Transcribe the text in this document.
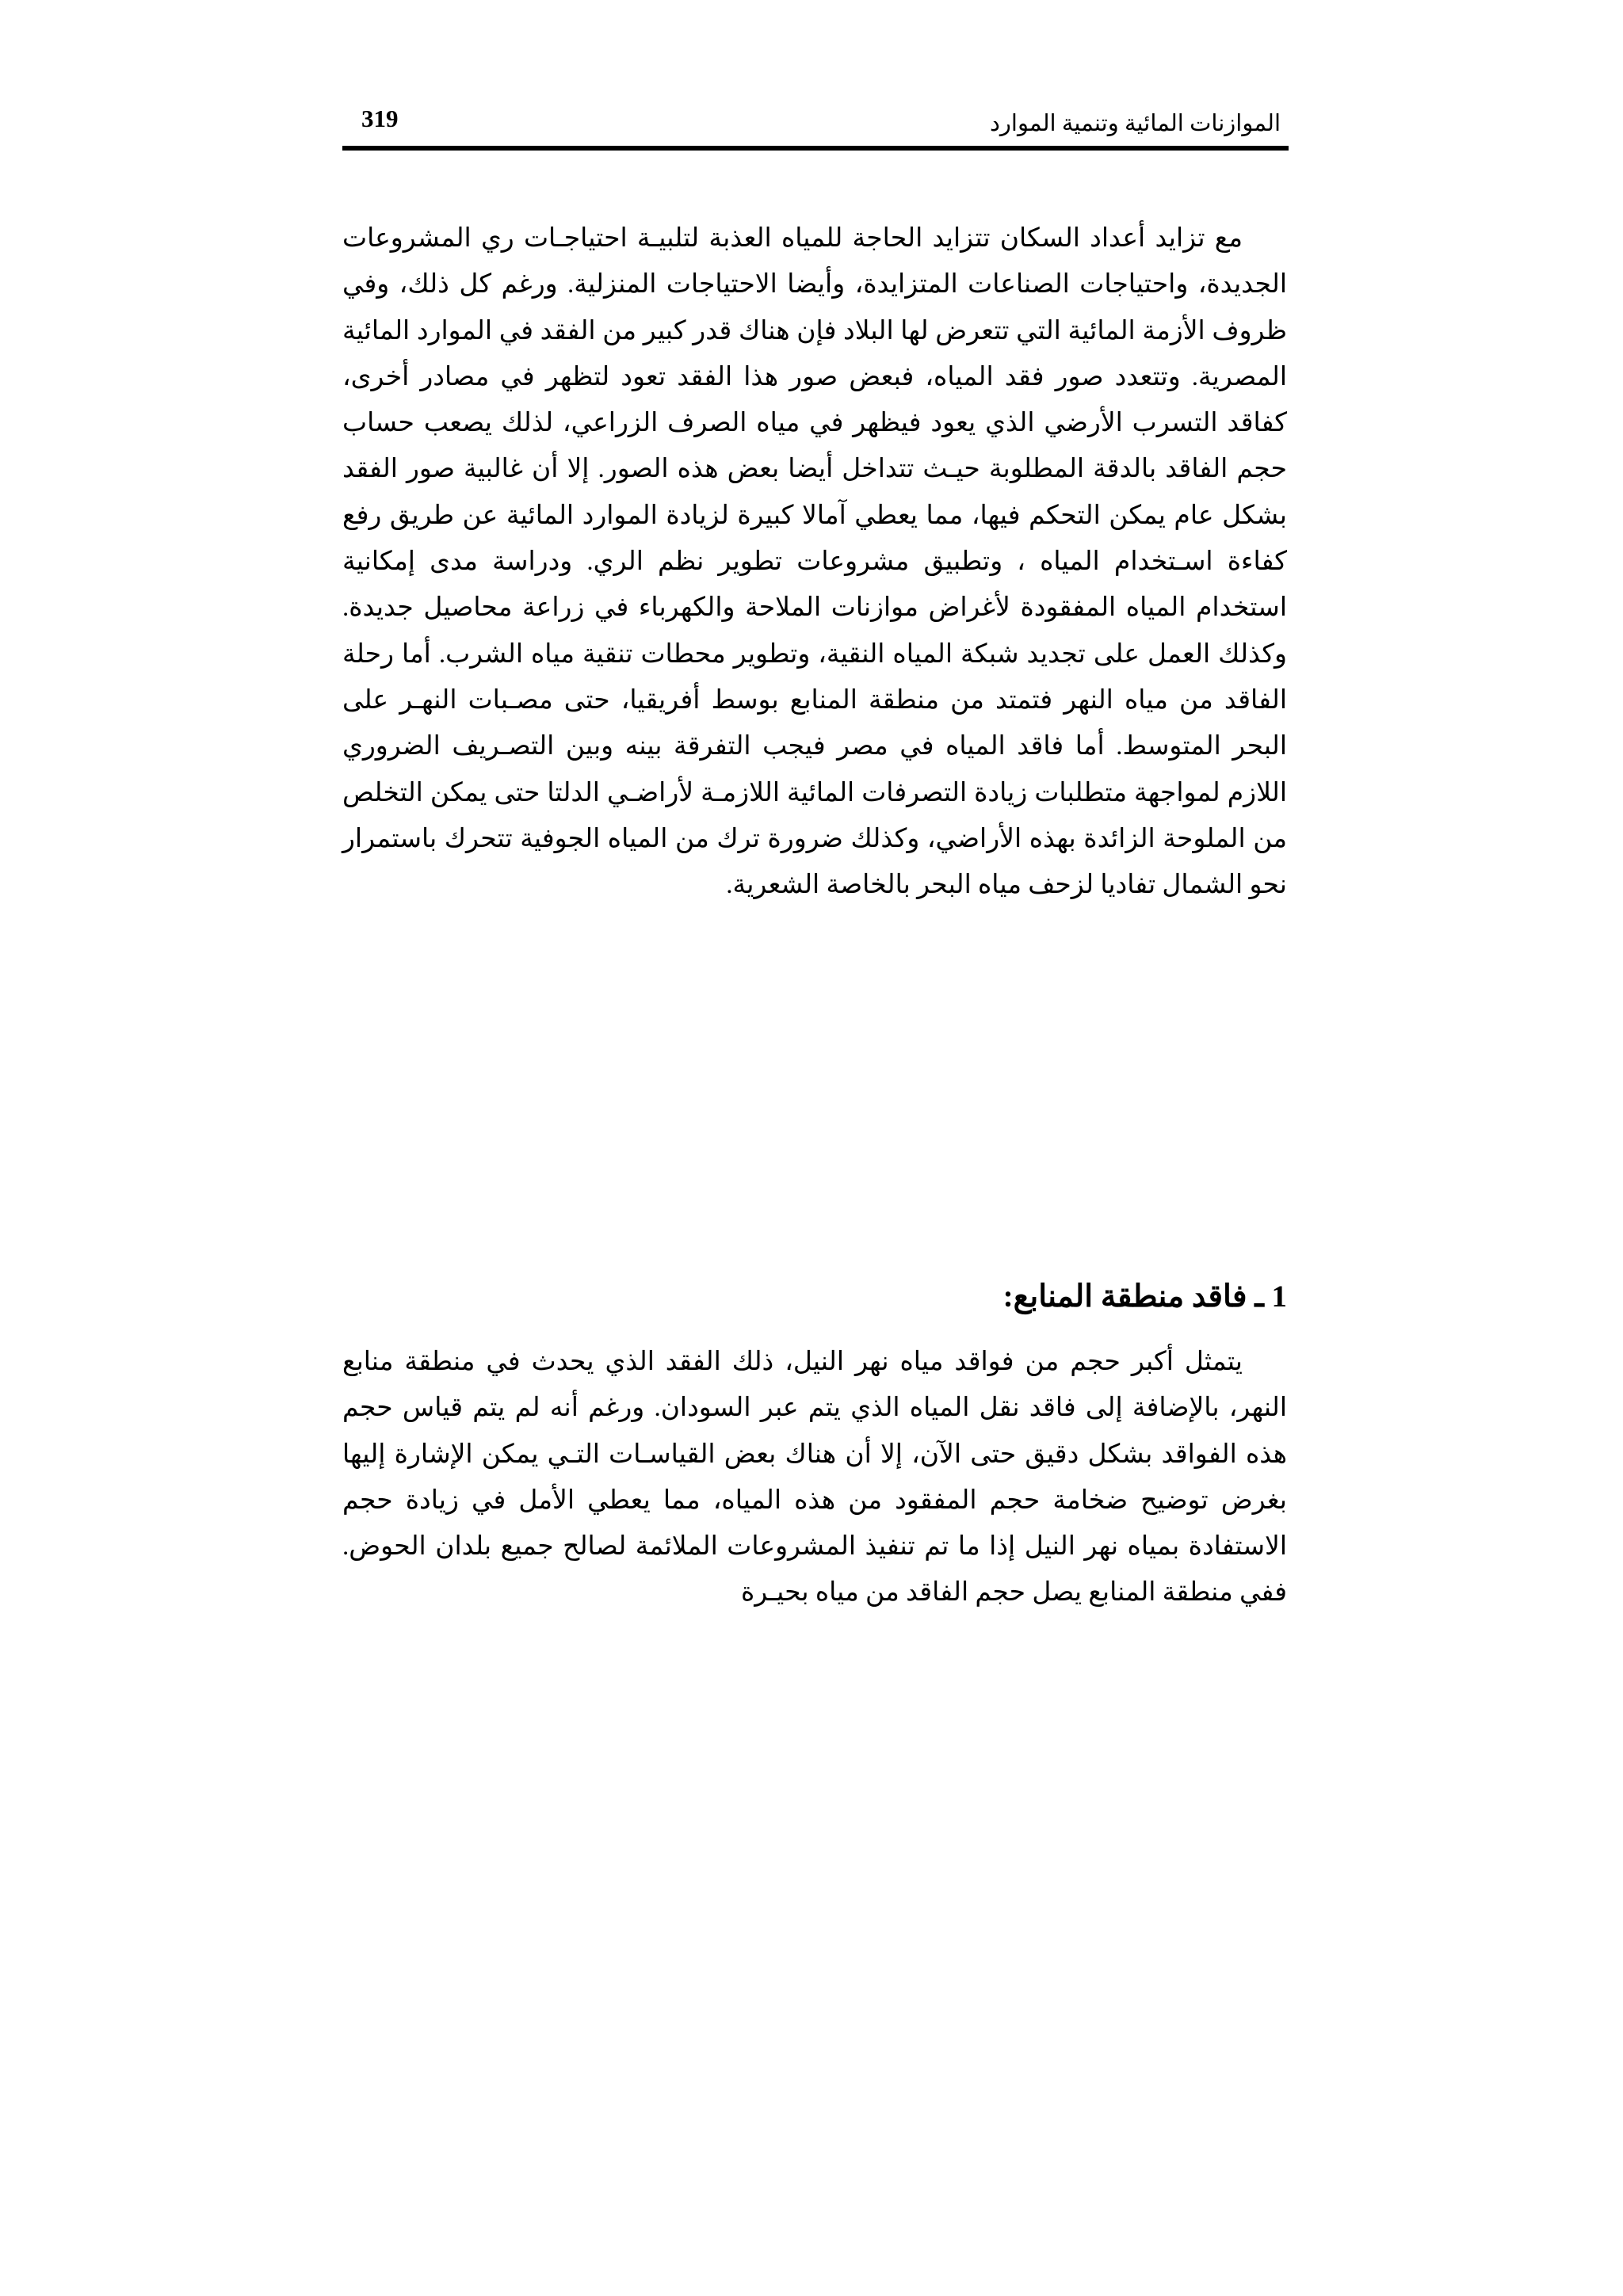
الموازنات المائية وتنمية الموارد
319

مع تزايد أعداد السكان تتزايد الحاجة للمياه العذبة لتلبيـة احتياجـات ري المشروعات الجديدة، واحتياجات الصناعات المتزايدة، وأيضا الاحتياجات المنزلية. ورغم كل ذلك، وفي ظروف الأزمة المائية التي تتعرض لها البلاد فإن هناك قدر كبير من الفقد في الموارد المائية المصرية. وتتعدد صور فقد المياه، فبعض صور هذا الفقد تعود لتظهر في مصادر أخرى، كفاقد التسرب الأرضي الذي يعود فيظهر في مياه الصرف الزراعي، لذلك يصعب حساب حجم الفاقد بالدقة المطلوبة حيـث تتداخل أيضا بعض هذه الصور. إلا أن غالبية صور الفقد بشكل عام يمكن التحكم فيها، مما يعطي آمالا كبيرة لزيادة الموارد المائية عن طريق رفع كفاءة اسـتخدام المياه ، وتطبيق مشروعات تطوير نظم الري. ودراسة مدى إمكانية استخدام المياه المفقودة لأغراض موازنات الملاحة والكهرباء في زراعة محاصيل جديدة. وكذلك العمل على تجديد شبكة المياه النقية، وتطوير محطات تنقية مياه الشرب. أما رحلة الفاقد من مياه النهر فتمتد من منطقة المنابع بوسط أفريقيا، حتى مصـبات النهـر على البحر المتوسط. أما فاقد المياه في مصر فيجب التفرقة بينه وبين التصـريف الضروري اللازم لمواجهة متطلبات زيادة التصرفات المائية اللازمـة لأراضـي الدلتا حتى يمكن التخلص من الملوحة الزائدة بهذه الأراضي، وكذلك ضرورة ترك من المياه الجوفية تتحرك باستمرار نحو الشمال تفاديا لزحف مياه البحر بالخاصة الشعرية.

1 ـ فاقد منطقة المنابع:

يتمثل أكبر حجم من فواقد مياه نهر النيل، ذلك الفقد الذي يحدث في منطقة منابع النهر، بالإضافة إلى فاقد نقل المياه الذي يتم عبر السودان. ورغم أنه لم يتم قياس حجم هذه الفواقد بشكل دقيق حتى الآن، إلا أن هناك بعض القياسـات التـي يمكن الإشارة إليها بغرض توضيح ضخامة حجم المفقود من هذه المياه، مما يعطي الأمل في زيادة حجم الاستفادة بمياه نهر النيل إذا ما تم تنفيذ المشروعات الملائمة لصالح جميع بلدان الحوض. ففي منطقة المنابع يصل حجم الفاقد من مياه بحيـرة
